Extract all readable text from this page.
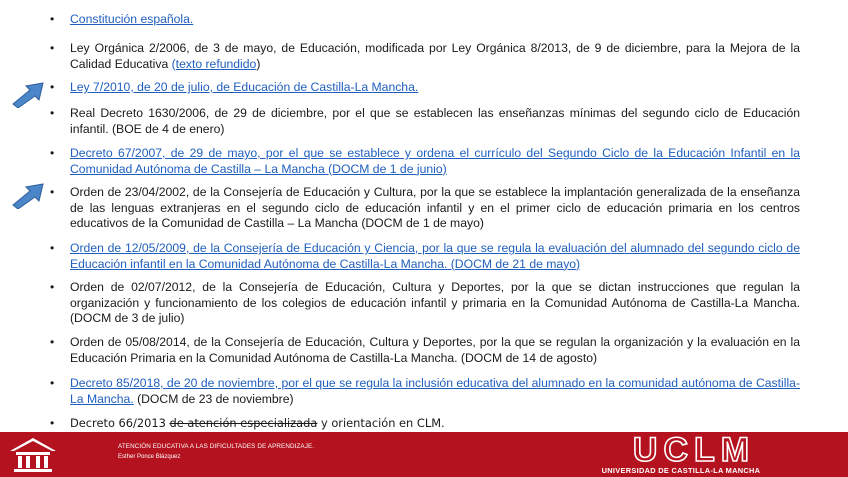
• Constitución española.
• Ley Orgánica 2/2006, de 3 de mayo, de Educación, modificada por Ley Orgánica 8/2013, de 9 de diciembre, para la Mejora de la Calidad Educativa (texto refundido)
• Ley 7/2010, de 20 de julio, de Educación de Castilla-La Mancha.
• Real Decreto 1630/2006, de 29 de diciembre, por el que se establecen las enseñanzas mínimas del segundo ciclo de Educación infantil. (BOE de 4 de enero)
• Decreto 67/2007, de 29 de mayo, por el que se establece y ordena el currículo del Segundo Ciclo de la Educación Infantil en la Comunidad Autónoma de Castilla – La Mancha (DOCM de 1 de junio)
• Orden de 23/04/2002, de la Consejería de Educación y Cultura, por la que se establece la implantación generalizada de la enseñanza de las lenguas extranjeras en el segundo ciclo de educación infantil y en el primer ciclo de educación primaria en los centros educativos de la Comunidad de Castilla – La Mancha (DOCM de 1 de mayo)
• Orden de 12/05/2009, de la Consejería de Educación y Ciencia, por la que se regula la evaluación del alumnado del segundo ciclo de Educación infantil en la Comunidad Autónoma de Castilla-La Mancha. (DOCM de 21 de mayo)
• Orden de 02/07/2012, de la Consejería de Educación, Cultura y Deportes, por la que se dictan instrucciones que regulan la organización y funcionamiento de los colegios de educación infantil y primaria en la Comunidad Autónoma de Castilla-La Mancha. (DOCM de 3 de julio)
• Orden de 05/08/2014, de la Consejería de Educación, Cultura y Deportes, por la que se regulan la organización y la evaluación en la Educación Primaria en la Comunidad Autónoma de Castilla-La Mancha. (DOCM de 14 de agosto)
• Decreto 85/2018, de 20 de noviembre, por el que se regula la inclusión educativa del alumnado en la comunidad autónoma de Castilla-La Mancha. (DOCM de 23 de noviembre)
• Decreto 66/2013 de atención especializada y orientación en CLM.
ATENCIÓN EDUCATIVA A LAS DIFICULTADES DE APRENDIZAJE.
Esther Ponce Blázquez	UCLM
UNIVERSIDAD DE CASTILLA-LA MANCHA
